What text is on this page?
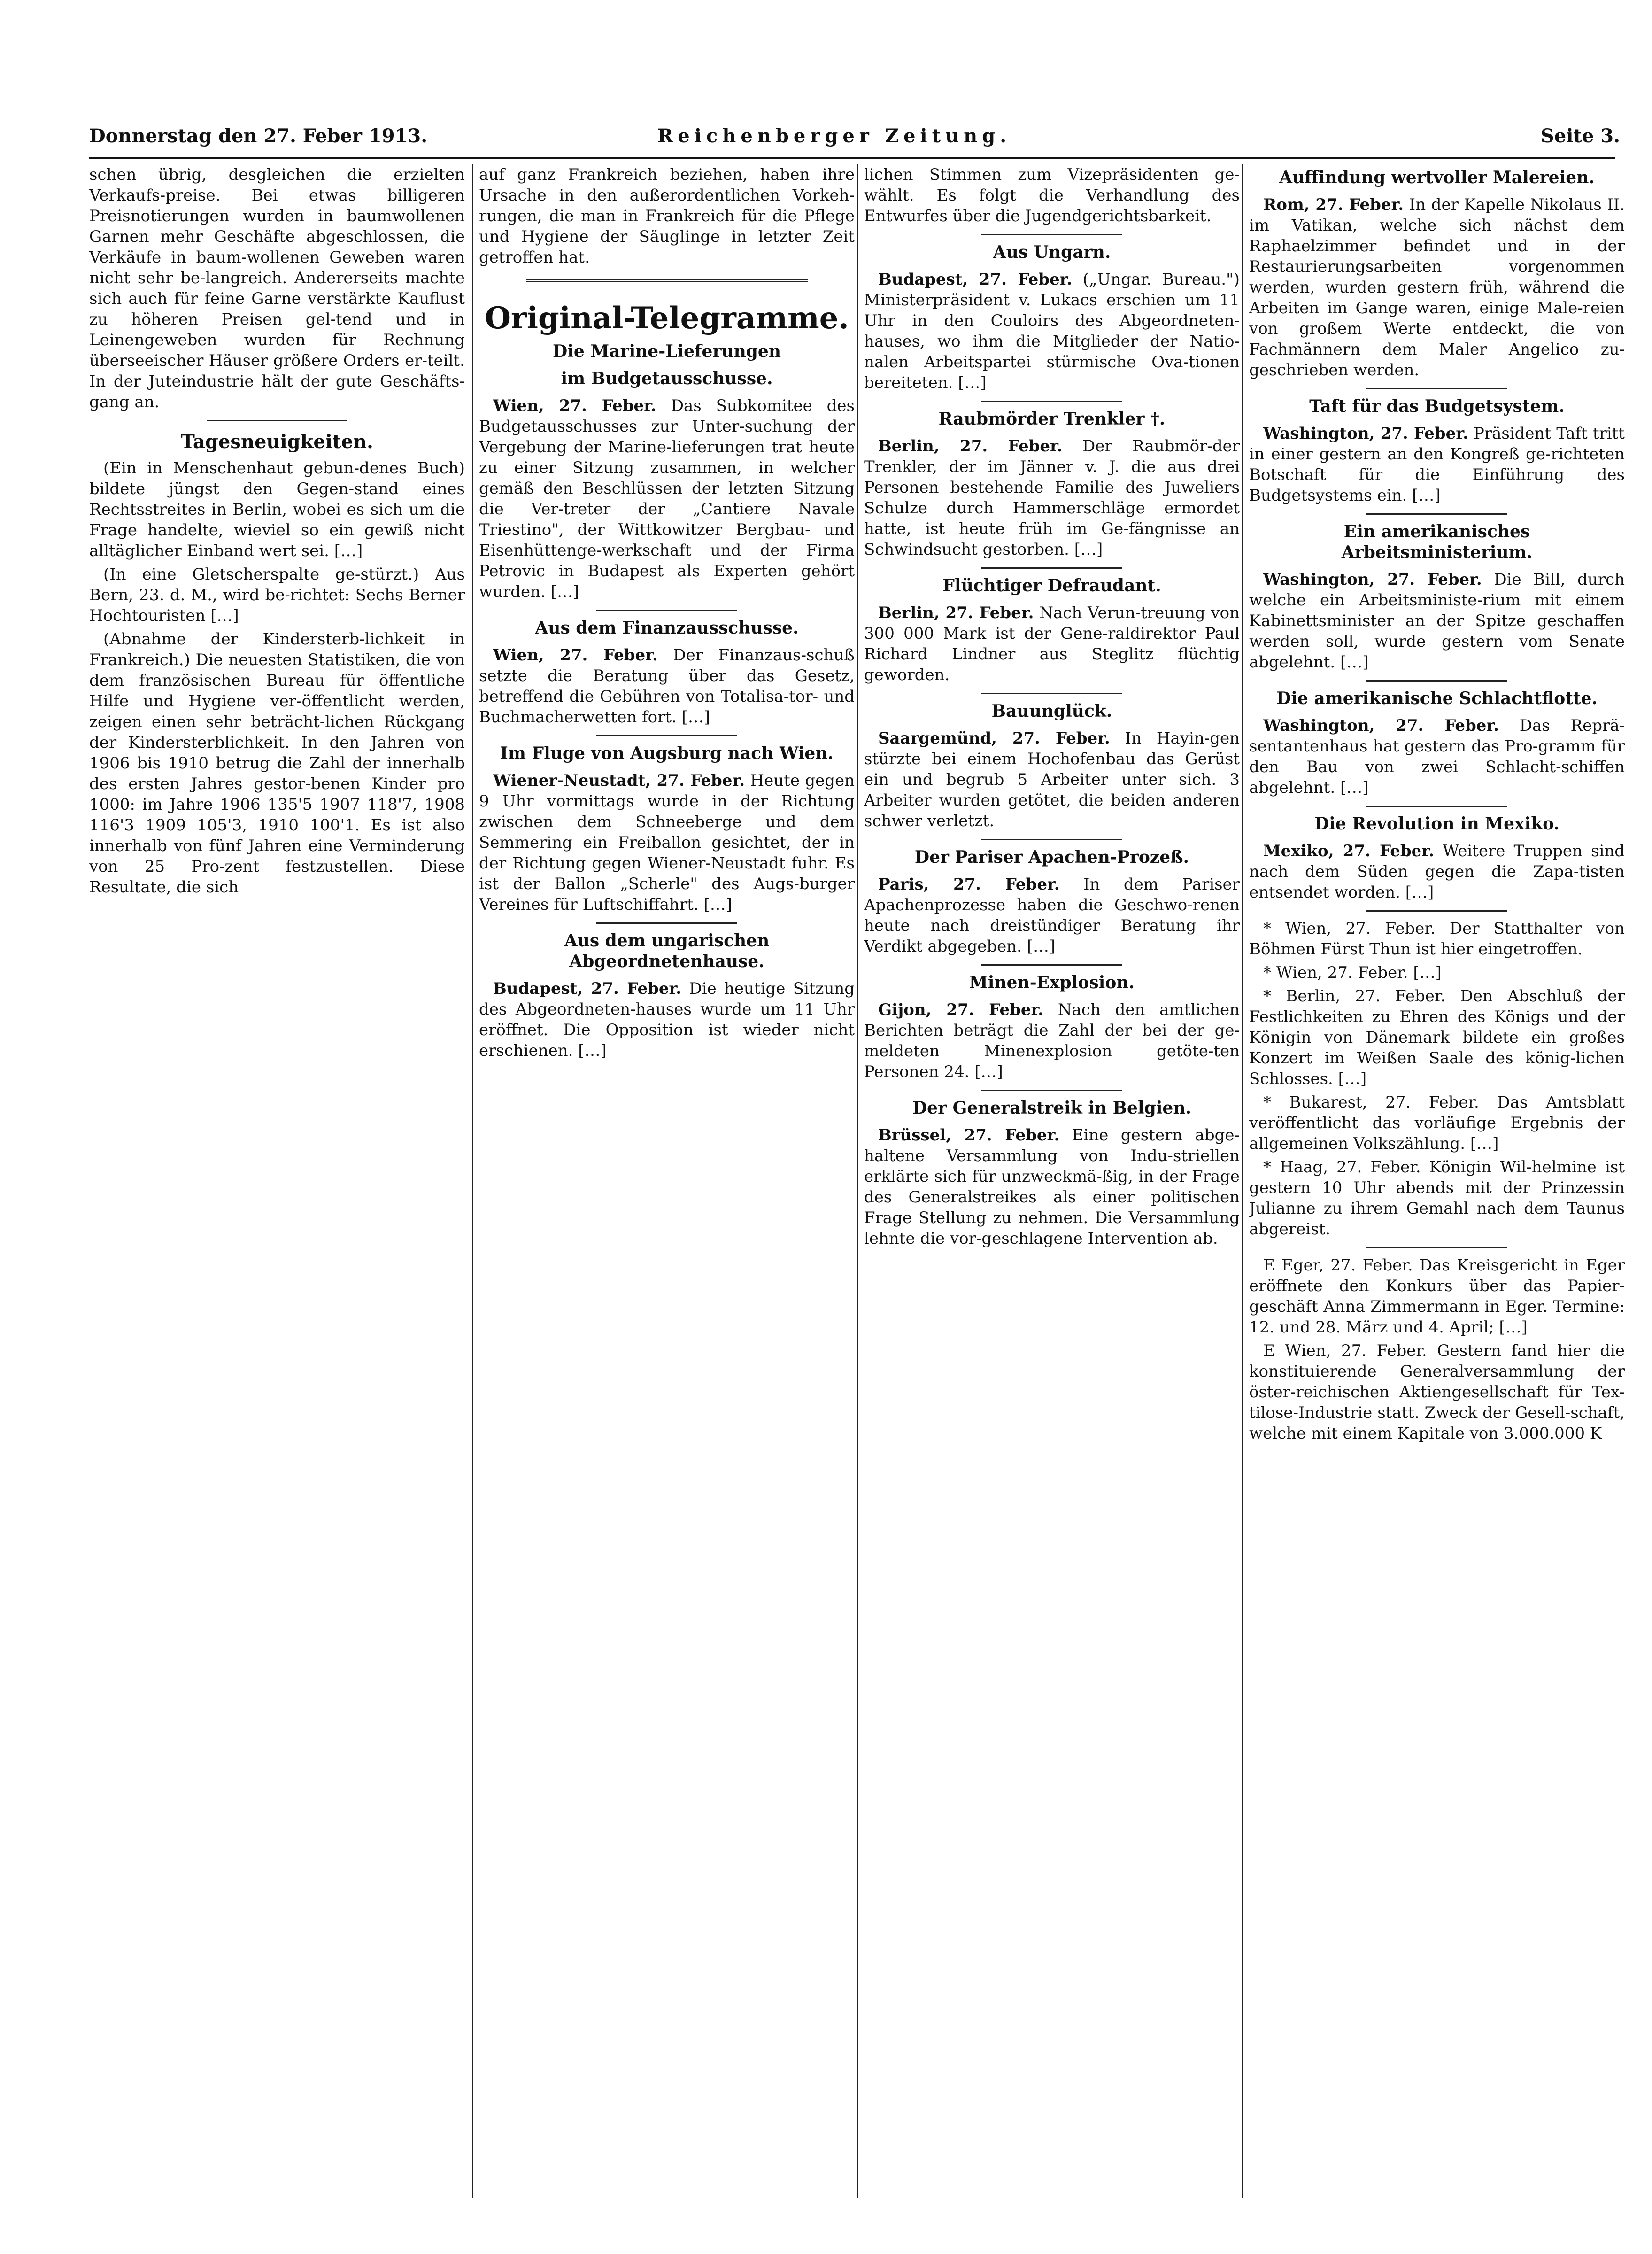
Donnerstag den 27. Feber 1913.	Reichenberger Zeitung.	Seite 3.

schen übrig, desgleichen die erzielten Verkaufs-preise. Bei etwas billigeren Preisnotierungen wurden in baumwollenen Garnen mehr Geschäfte abgeschlossen, die Verkäufe in baum-wollenen Geweben waren nicht sehr be-langreich. Andererseits machte sich auch für feine Garne verstärkte Kauflust zu höheren Preisen gel-tend und in Leinengeweben wurden für Rechnung überseeischer Häuser größere Orders er-teilt. In der Juteindustrie hält der gute Geschäfts-gang an.

Tagesneuigkeiten.

(Ein in Menschenhaut gebun-denes Buch) bildete jüngst den Gegen-stand eines Rechtsstreites in Berlin, wobei es sich um die Frage handelte, wieviel so ein gewiß nicht alltäglicher Einband wert sei. […]

(In eine Gletscherspalte ge-stürzt.) Aus Bern, 23. d. M., wird be-richtet: Sechs Berner Hochtouristen […]

(Abnahme der Kindersterb-lichkeit in Frankreich.) Die neuesten Statistiken, die von dem französischen Bureau für öffentliche Hilfe und Hygiene ver-öffentlicht werden, zeigen einen sehr beträcht-lichen Rückgang der Kindersterblichkeit. In den Jahren von 1906 bis 1910 betrug die Zahl der innerhalb des ersten Jahres gestor-benen Kinder pro 1000: im Jahre 1906 135'5 1907 118'7, 1908 116'3 1909 105'3, 1910 100'1. Es ist also innerhalb von fünf Jahren eine Verminderung von 25 Pro-zent festzustellen. Diese Resultate, die sich

auf ganz Frankreich beziehen, haben ihre Ursache in den außerordentlichen Vorkeh-rungen, die man in Frankreich für die Pflege und Hygiene der Säuglinge in letzter Zeit getroffen hat.

Original-Telegramme.
Die Marine-Lieferungen
im Budgetausschusse.

Wien, 27. Feber. Das Subkomitee des Budgetausschusses zur Unter-suchung der Vergebung der Marine-lieferungen trat heute zu einer Sitzung zusammen, in welcher gemäß den Beschlüssen der letzten Sitzung die Ver-treter der „Cantiere Navale Triestino", der Wittkowitzer Bergbau- und Eisenhüttenge-werkschaft und der Firma Petrovic in Budapest als Experten gehört wurden. […]

Aus dem Finanzausschusse.

Wien, 27. Feber. Der Finanzaus-schuß setzte die Beratung über das Gesetz, betreffend die Gebühren von Totalisa-tor- und Buchmacherwetten fort. […]

Im Fluge von Augsburg nach Wien.

Wiener-Neustadt, 27. Feber. Heute gegen 9 Uhr vormittags wurde in der Richtung zwischen dem Schneeberge und dem Semmering ein Freiballon gesichtet, der in der Richtung gegen Wiener-Neustadt fuhr. Es ist der Ballon „Scherle" des Augs-burger Vereines für Luftschiffahrt. […]

Aus dem ungarischen Abgeordnetenhause.

Budapest, 27. Feber. Die heutige Sitzung des Abgeordneten-hauses wurde um 11 Uhr eröffnet. Die Opposition ist wieder nicht erschienen. […]

lichen Stimmen zum Vizepräsidenten ge-wählt. Es folgt die Verhandlung des Entwurfes über die Jugendgerichtsbarkeit.

Aus Ungarn.

Budapest, 27. Feber. („Ungar. Bureau.") Ministerpräsident v. Lukacs erschien um 11 Uhr in den Couloirs des Abgeordneten-hauses, wo ihm die Mitglieder der Natio-nalen Arbeitspartei stürmische Ova-tionen bereiteten. […]

Raubmörder Trenkler †.

Berlin, 27. Feber. Der Raubmör-der Trenkler, der im Jänner v. J. die aus drei Personen bestehende Familie des Juweliers Schulze durch Hammerschläge ermordet hatte, ist heute früh im Ge-fängnisse an Schwindsucht gestorben. […]

Flüchtiger Defraudant.

Berlin, 27. Feber. Nach Verun-treuung von 300 000 Mark ist der Gene-raldirektor Paul Richard Lindner aus Steglitz flüchtig geworden.

Bauunglück.

Saargemünd, 27. Feber. In Hayin-gen stürzte bei einem Hochofenbau das Gerüst ein und begrub 5 Arbeiter unter sich. 3 Arbeiter wurden getötet, die beiden anderen schwer verletzt.

Der Pariser Apachen-Prozeß.

Paris, 27. Feber. In dem Pariser Apachenprozesse haben die Geschwo-renen heute nach dreistündiger Beratung ihr Verdikt abgegeben. […]

Minen-Explosion.

Gijon, 27. Feber. Nach den amtlichen Berichten beträgt die Zahl der bei der ge-meldeten Minenexplosion getöte-ten Personen 24. […]

Der Generalstreik in Belgien.

Brüssel, 27. Feber. Eine gestern abge-haltene Versammlung von Indu-striellen erklärte sich für unzweckmä-ßig, in der Frage des Generalstreikes als einer politischen Frage Stellung zu nehmen. Die Versammlung lehnte die vor-geschlagene Intervention ab.

Auffindung wertvoller Malereien.

Rom, 27. Feber. In der Kapelle Nikolaus II. im Vatikan, welche sich nächst dem Raphaelzimmer befindet und in der Restaurierungsarbeiten vorgenommen werden, wurden gestern früh, während die Arbeiten im Gange waren, einige Male-reien von großem Werte entdeckt, die von Fachmännern dem Maler Angelico zu-geschrieben werden.

Taft für das Budgetsystem.

Washington, 27. Feber. Präsident Taft tritt in einer gestern an den Kongreß ge-richteten Botschaft für die Einführung des Budgetsystems ein. […]

Ein amerikanisches Arbeitsministerium.

Washington, 27. Feber. Die Bill, durch welche ein Arbeitsministe-rium mit einem Kabinettsminister an der Spitze geschaffen werden soll, wurde gestern vom Senate abgelehnt. […]

Die amerikanische Schlachtflotte.

Washington, 27. Feber. Das Reprä-sentantenhaus hat gestern das Pro-gramm für den Bau von zwei Schlacht-schiffen abgelehnt. […]

Die Revolution in Mexiko.

Mexiko, 27. Feber. Weitere Truppen sind nach dem Süden gegen die Zapa-tisten entsendet worden. […]

* Wien, 27. Feber. Der Statthalter von Böhmen Fürst Thun ist hier eingetroffen.

* Wien, 27. Feber. […]

* Berlin, 27. Feber. Den Abschluß der Festlichkeiten zu Ehren des Königs und der Königin von Dänemark bildete ein großes Konzert im Weißen Saale des könig-lichen Schlosses. […]

* Bukarest, 27. Feber. Das Amtsblatt veröffentlicht das vorläufige Ergebnis der allgemeinen Volkszählung. […]

* Haag, 27. Feber. Königin Wil-helmine ist gestern 10 Uhr abends mit der Prinzessin Julianne zu ihrem Gemahl nach dem Taunus abgereist.

E Eger, 27. Feber. Das Kreisgericht in Eger eröffnete den Konkurs über das Papier-geschäft Anna Zimmermann in Eger. Termine: 12. und 28. März und 4. April; […]

E Wien, 27. Feber. Gestern fand hier die konstituierende Generalversammlung der öster-reichischen Aktiengesellschaft für Tex-tilose-Industrie statt. Zweck der Gesell-schaft, welche mit einem Kapitale von 3.000.000 K
